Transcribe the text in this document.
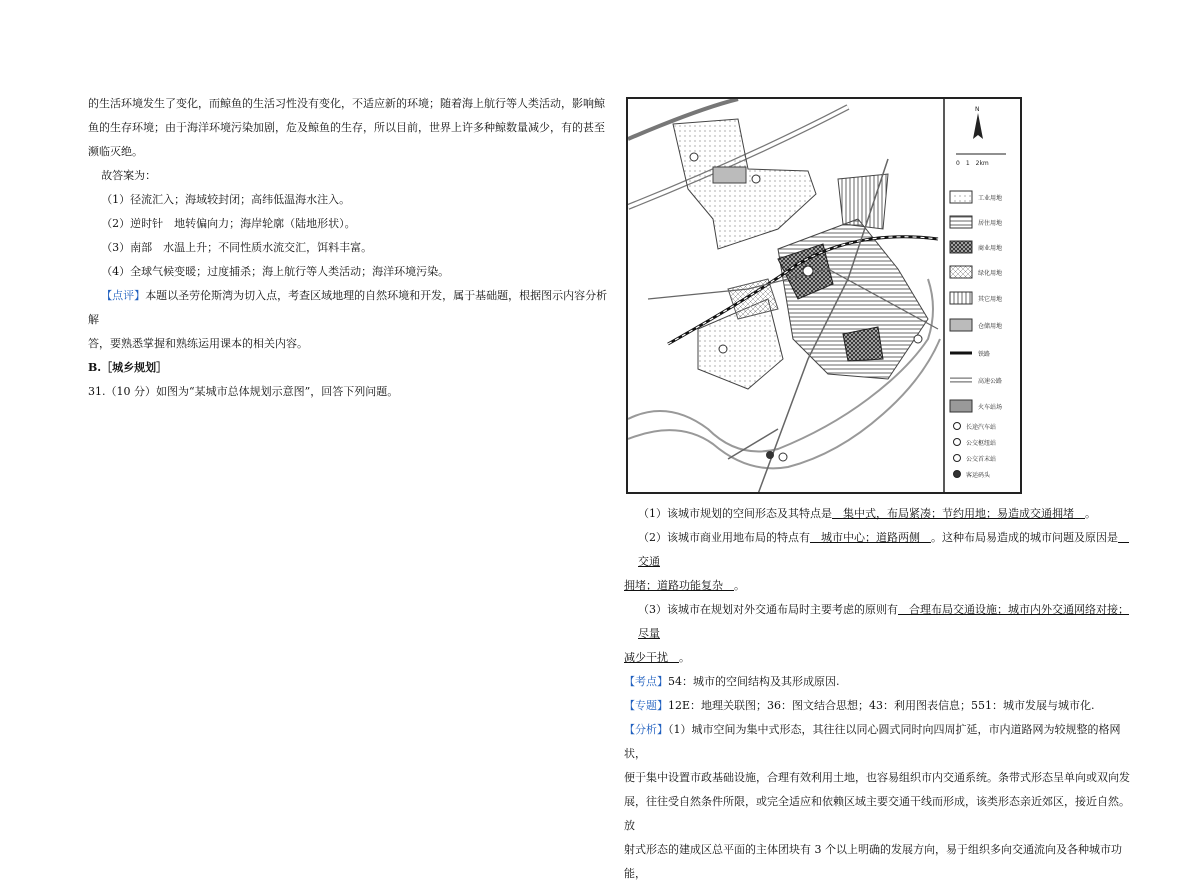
的生活环境发生了变化，而鲸鱼的生活习性没有变化，不适应新的环境；随着海上航行等人类活动，影响鲸

鱼的生存环境；由于海洋环境污染加剧，危及鲸鱼的生存，所以目前，世界上许多种鲸数量减少，有的甚至

濒临灭绝。

故答案为：

（1）径流汇入；海域较封闭；高纬低温海水注入。

（2）逆时针　地转偏向力；海岸轮廓（陆地形状）。

（3）南部　水温上升；不同性质水流交汇，饵料丰富。

（4）全球气候变暖；过度捕杀；海上航行等人类活动；海洋环境污染。

【点评】本题以圣劳伦斯湾为切入点，考查区域地理的自然环境和开发，属于基础题，根据图示内容分析解

答，要熟悉掌握和熟练运用课本的相关内容。

B.［城乡规划］

31.（10 分）如图为“某城市总体规划示意图”，回答下列问题。

N
0　1　2km
工业用地
居住用地
商业用地
绿化用地
其它用地
仓储用地
铁路
高速公路
火车站场
长途汽车站
公交枢纽站
公交首末站
客运码头

（1）该城市规划的空间形态及其特点是　集中式，布局紧凑；节约用地；易造成交通拥堵　。

（2）该城市商业用地布局的特点有　城市中心；道路两侧　。这种布局易造成的城市问题及原因是　交通

拥堵；道路功能复杂　。

（3）该城市在规划对外交通布局时主要考虑的原则有　合理布局交通设施；城市内外交通网络对接；尽量

减少干扰　。

【考点】54：城市的空间结构及其形成原因.

【专题】12E：地理关联图；36：图文结合思想；43：利用图表信息；551：城市发展与城市化.

【分析】（1）城市空间为集中式形态，其往往以同心圆式同时向四周扩延，市内道路网为较规整的格网状，

便于集中设置市政基础设施，合理有效利用土地，也容易组织市内交通系统。条带式形态呈单向或双向发

展，往往受自然条件所限，或完全适应和依赖区域主要交通干线而形成，该类形态亲近郊区，接近自然。放

射式形态的建成区总平面的主体团块有 3 个以上明确的发展方向，易于组织多向交通流向及各种城市功能，
